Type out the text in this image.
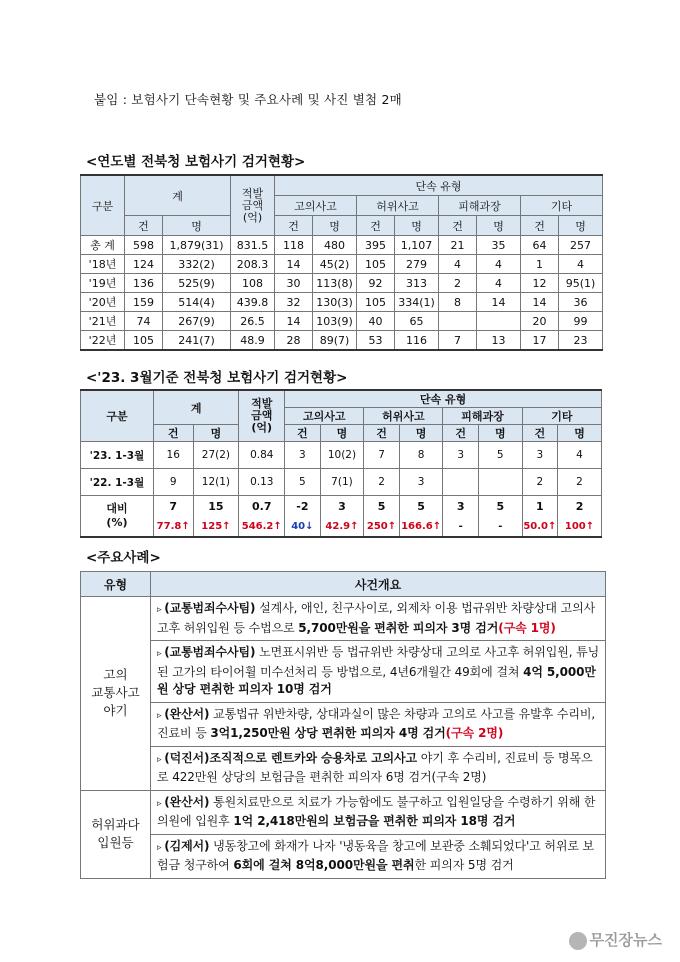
붙임 : 보험사기 단속현황 및 주요사례 및 사진 별첨 2매
<연도별 전북청 보험사기 검거현황>
구분	계		적발
금액
(억)	단속 유형							
				고의사고		허위사고		피해과장		기타	
	건	명		건	명	건	명	건	명	건	명
총 계	598	1,879(31)	831.5	118	480	395	1,107	21	35	64	257
'18년	124	332(2)	208.3	14	45(2)	105	279	4	4	1	4
'19년	136	525(9)	108	30	113(8)	92	313	2	4	12	95(1)
'20년	159	514(4)	439.8	32	130(3)	105	334(1)	8	14	14	36
'21년	74	267(9)	26.5	14	103(9)	40	65			20	99
'22년	105	241(7)	48.9	28	89(7)	53	116	7	13	17	23
<'23. 3월기준 전북청 보험사기 검거현황>
구분	계		적발
금액
(억)	단속 유형							
				고의사고		허위사고		피해과장		기타	
	건	명		건	명	건	명	건	명	건	명
'23. 1-3월	16	27(2)	0.84	3	10(2)	7	8	3	5	3	4
'22. 1-3월	9	12(1)	0.13	5	7(1)	2	3			2	2
대비
(%)	7	15	0.7	-2	3	5	5	3	5	1	2
	77.8↑	125↑	546.2↑	40↓	42.9↑	250↑	166.6↑	-	-	50.0↑	100↑
<주요사례>
유형	사건개요
고의
교통사고
야기	▹ (교통범죄수사팀) 설계사, 애인, 친구사이로, 외제차 이용 법규위반 차량상대 고의사고후 허위입원 등 수법으로 5,700만원을 편취한 피의자 3명 검거(구속 1명)
	▹ (교통범죄수사팀) 노면표시위반 등 법규위반 차량상대 고의로 사고후 허위입원, 튜닝된 고가의 타이어휠 미수선처리 등 방법으로, 4년6개월간 49회에 걸쳐 4억 5,000만원 상당 편취한 피의자 10명 검거
	▹ (완산서) 교통법규 위반차량, 상대과실이 많은 차량과 고의로 사고를 유발후 수리비, 진료비 등 3억1,250만원 상당 편취한 피의자 4명 검거(구속 2명)
	▹ (덕진서)조직적으로 렌트카와 승용차로 고의사고 야기 후 수리비, 진료비 등 명목으로 422만원 상당의 보험금을 편취한 피의자 6명 검거(구속 2명)
허위과다
입원등	▹ (완산서) 통원치료만으로 치료가 가능함에도 불구하고 입원일당을 수령하기 위해 한의원에 입원후 1억 2,418만원의 보험금을 편취한 피의자 18명 검거
	▹ (김제서) 냉동창고에 화재가 나자 '냉동육을 창고에 보관중 소훼되었다'고 허위로 보험금 청구하여 6회에 걸쳐 8억8,000만원을 편취한 피의자 5명 검거
무진장뉴스
